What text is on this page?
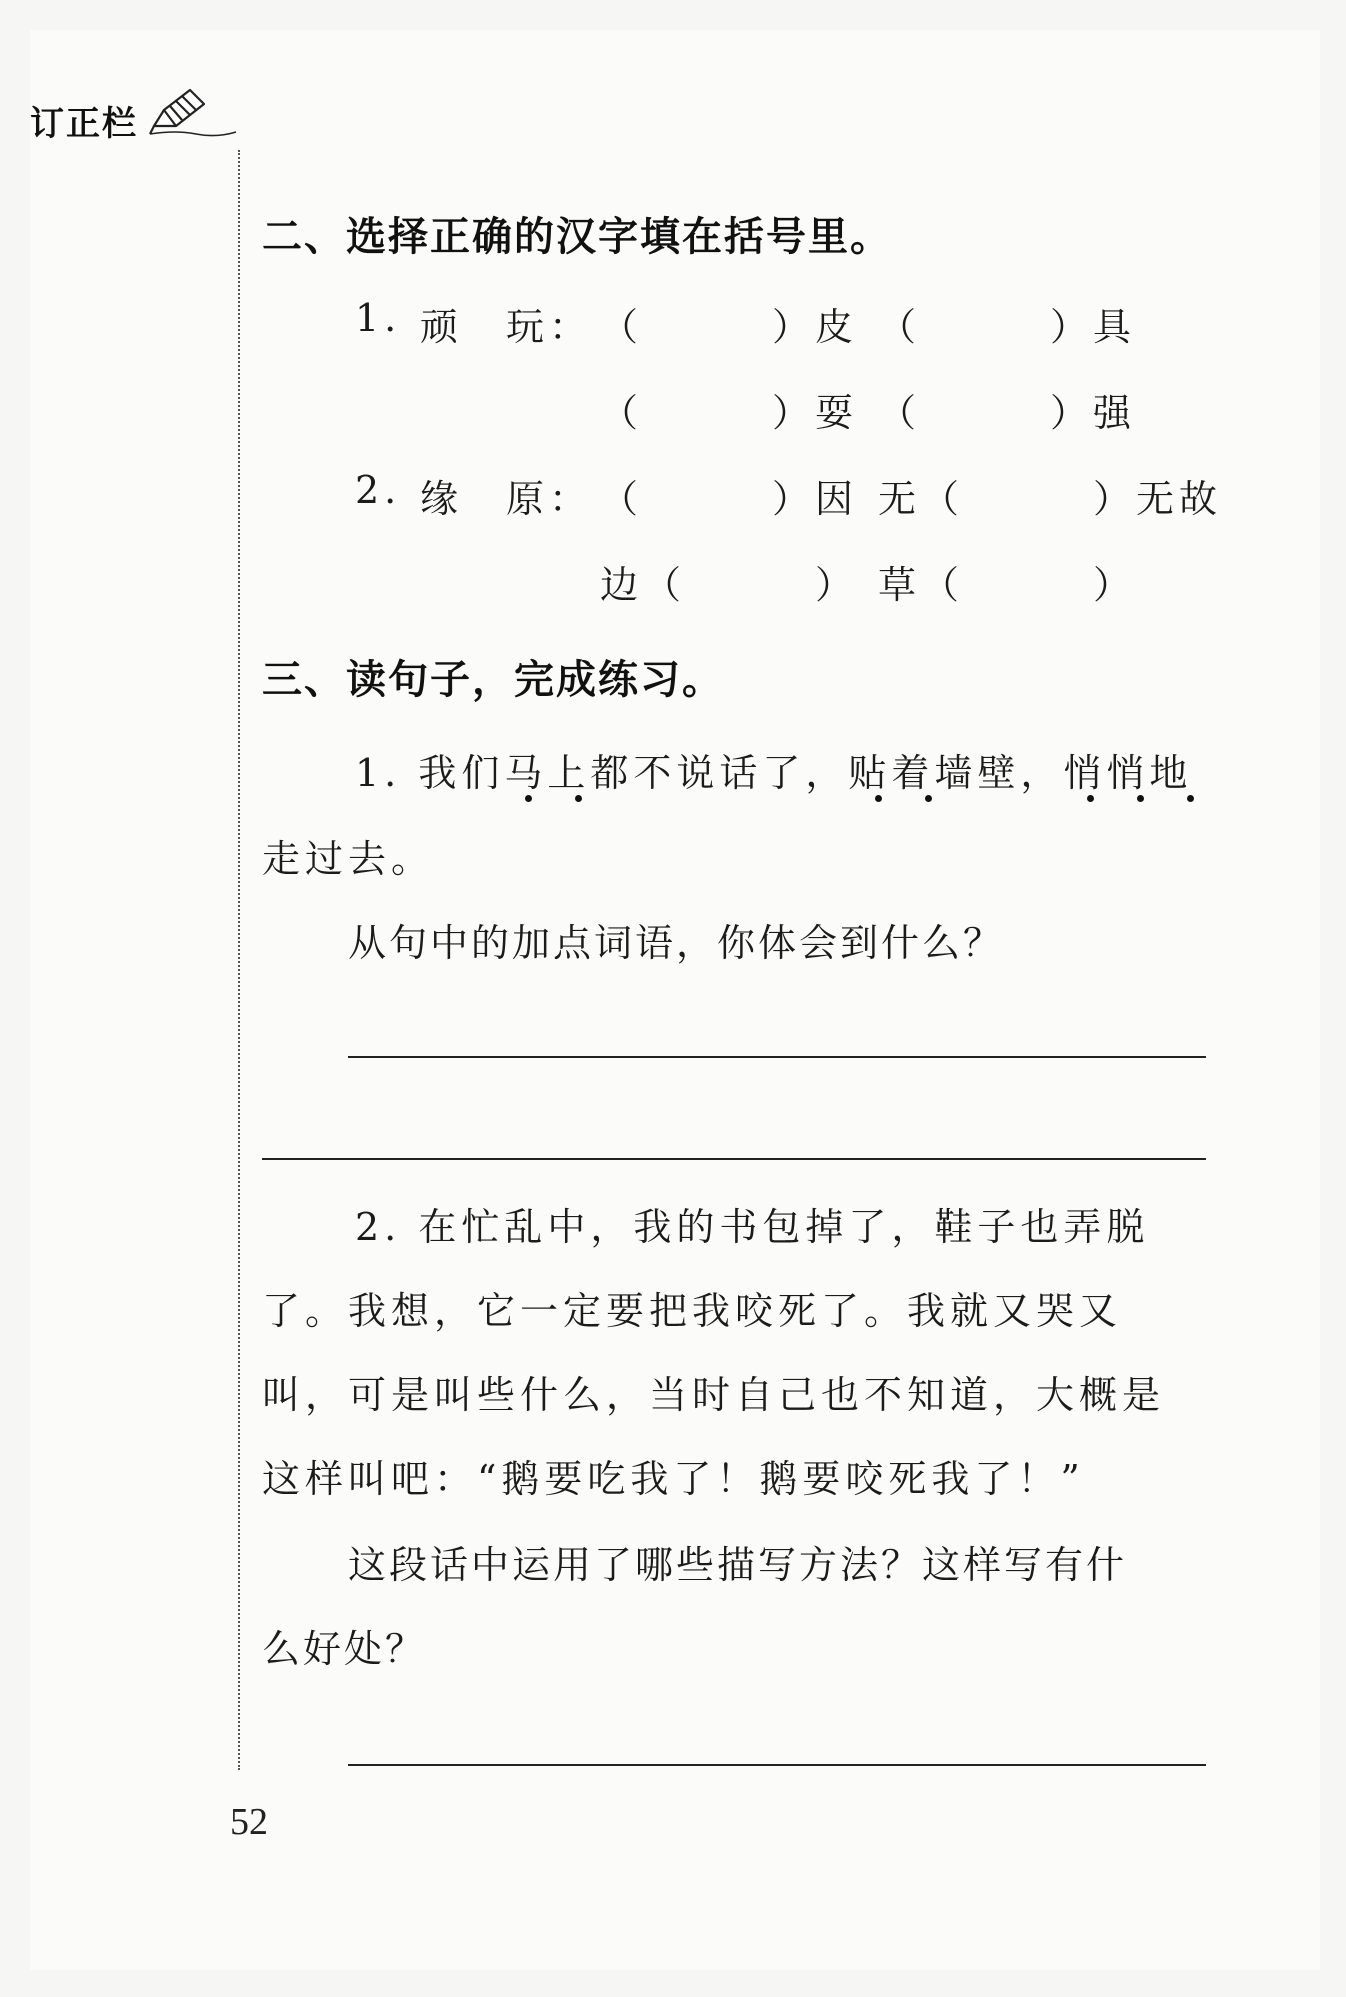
订正栏
二、选择正确的汉字填在括号里。
1. 顽　玩： （　　　）皮 （　　　）具
（　　　）耍 （　　　）强
2. 缘　原： （　　　）因 无（　　　）无故
边（　　　） 草（　　　）
三、读句子，完成练习。
1. 我们马上都不说话了，贴着墙壁，悄悄地
走过去。
从句中的加点词语，你体会到什么？
2. 在忙乱中，我的书包掉了，鞋子也弄脱
了。我想，它一定要把我咬死了。我就又哭又
叫，可是叫些什么，当时自己也不知道，大概是
这样叫吧：“鹅要吃我了！鹅要咬死我了！”
这段话中运用了哪些描写方法？这样写有什
么好处？
52
